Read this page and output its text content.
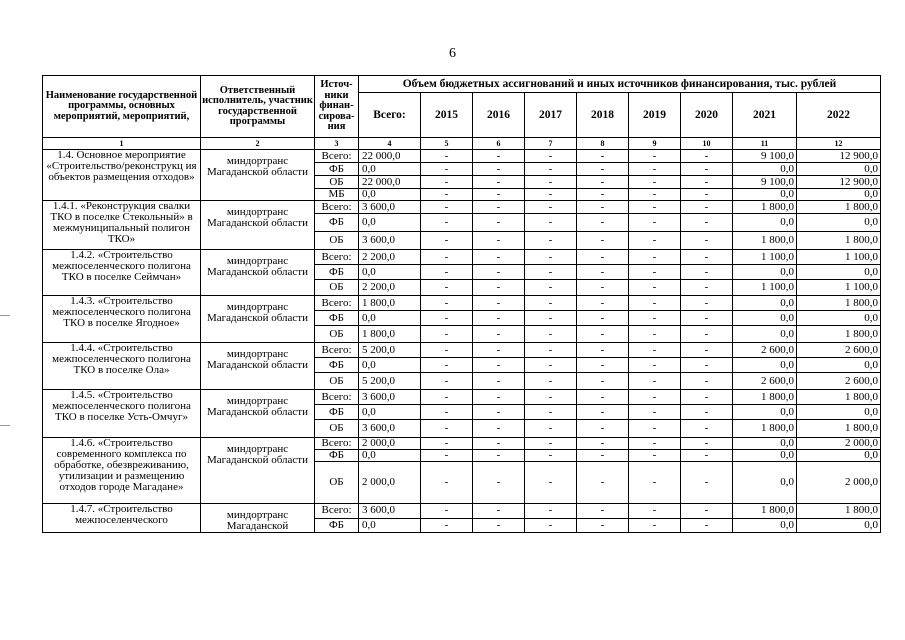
6
Наименование государственной программы, основных мероприятий, мероприятий,	Ответственный исполнитель, участник государственной программы	Источ- ники финан- сирова- ния	Объем бюджетных ассигнований и иных источников финансирования, тыс. рублей								
			Всего:	2015	2016	2017	2018	2019	2020	2021	2022
1	2	3	4	5	6	7	8	9	10	11	12
1.4. Основное мероприятие «Строительство/реконструкц ия объектов размещения отходов»	миндортранс Магаданской области	Всего:	22 000,0	-	-	-	-	-	-	9 100,0	12 900,0
		ФБ	0,0	-	-	-	-	-	-	0,0	0,0
		ОБ	22 000,0	-	-	-	-	-	-	9 100,0	12 900,0
		МБ	0,0	-	-	-	-	-	-	0,0	0,0
1.4.1. «Реконструкция свалки ТКО в поселке Стекольный» в межмуниципальный полигон ТКО»	миндортранс Магаданской области	Всего:	3 600,0	-	-	-	-	-	-	1 800,0	1 800,0
		ФБ	0,0	-	-	-	-	-	-	0,0	0,0
		ОБ	3 600,0	-	-	-	-	-	-	1 800,0	1 800,0
1.4.2. «Строительство межпоселенческого полигона ТКО в поселке Сеймчан»	миндортранс Магаданской области	Всего:	2 200,0	-	-	-	-	-	-	1 100,0	1 100,0
		ФБ	0,0	-	-	-	-	-	-	0,0	0,0
		ОБ	2 200,0	-	-	-	-	-	-	1 100,0	1 100,0
1.4.3. «Строительство межпоселенческого полигона ТКО в поселке Ягодное»	миндортранс Магаданской области	Всего:	1 800,0	-	-	-	-	-	-	0,0	1 800,0
		ФБ	0,0	-	-	-	-	-	-	0,0	0,0
		ОБ	1 800,0	-	-	-	-	-	-	0,0	1 800,0
1.4.4. «Строительство межпоселенческого полигона ТКО в поселке Ола»	миндортранс Магаданской области	Всего:	5 200,0	-	-	-	-	-	-	2 600,0	2 600,0
		ФБ	0,0	-	-	-	-	-	-	0,0	0,0
		ОБ	5 200,0	-	-	-	-	-	-	2 600,0	2 600,0
1.4.5. «Строительство межпоселенческого полигона ТКО в поселке Усть-Омчуг»	миндортранс Магаданской области	Всего:	3 600,0	-	-	-	-	-	-	1 800,0	1 800,0
		ФБ	0,0	-	-	-	-	-	-	0,0	0,0
		ОБ	3 600,0	-	-	-	-	-	-	1 800,0	1 800,0
1.4.6. «Строительство современного комплекса по обработке, обезвреживанию, утилизации и размещению отходов городе Магадане»	миндортранс Магаданской области	Всего:	2 000,0	-	-	-	-	-	-	0,0	2 000,0
		ФБ	0,0	-	-	-	-	-	-	0,0	0,0
		ОБ	2 000,0	-	-	-	-	-	-	0,0	2 000,0
1.4.7. «Строительство межпоселенческого	миндортранс Магаданской	Всего:	3 600,0	-	-	-	-	-	-	1 800,0	1 800,0
		ФБ	0,0	-	-	-	-	-	-	0,0	0,0
